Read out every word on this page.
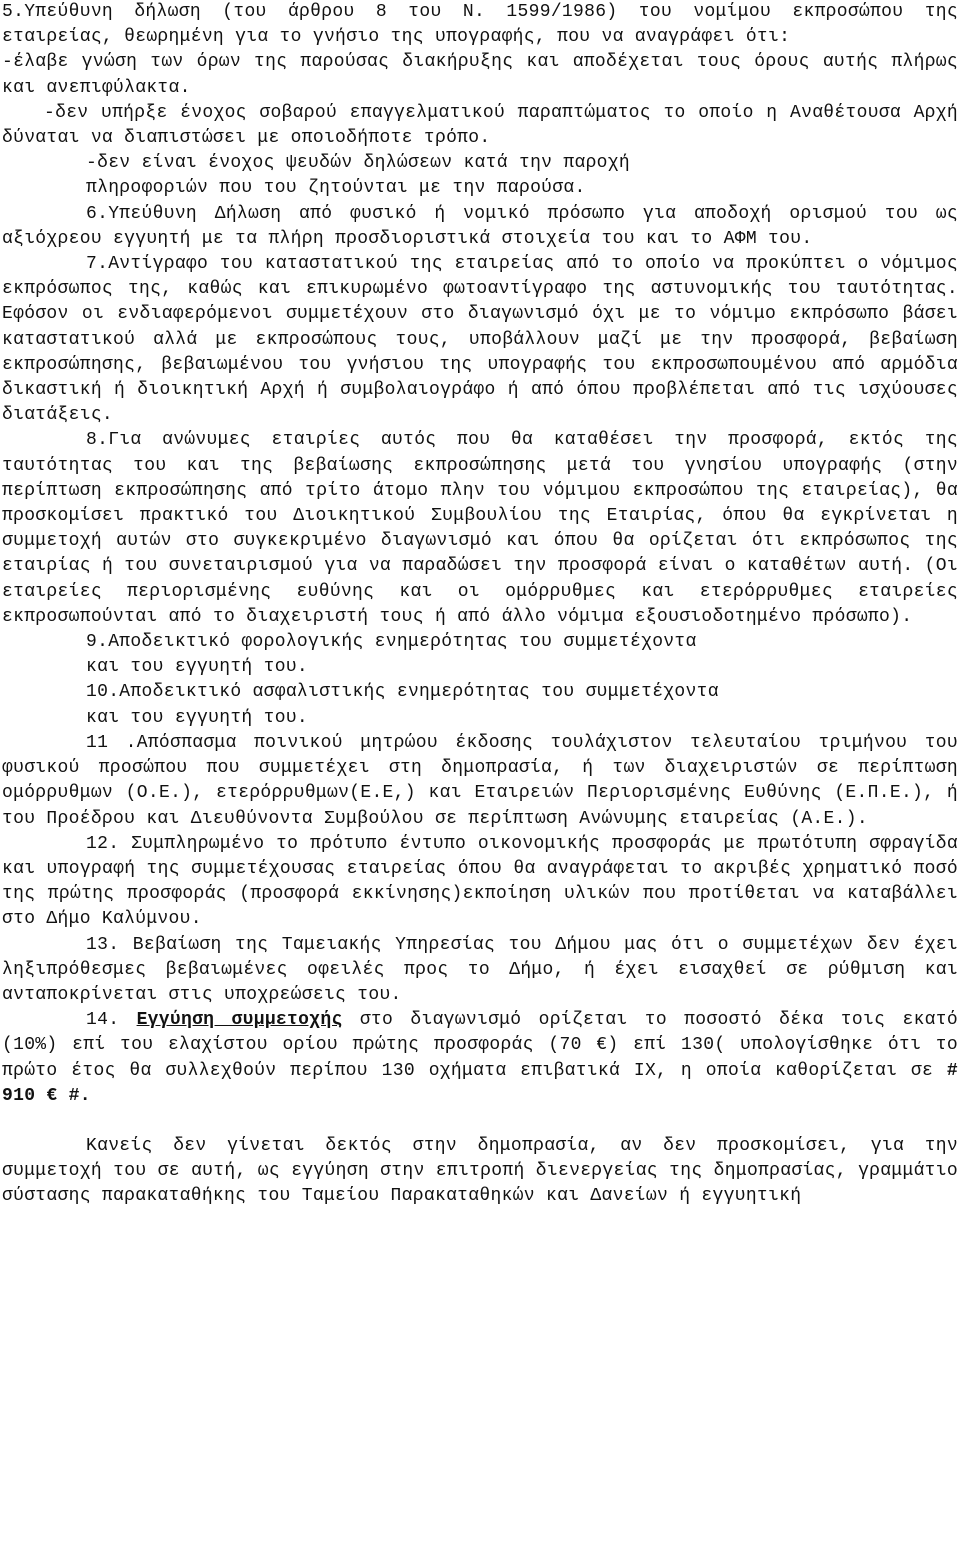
5.Υπεύθυνη δήλωση (του άρθρου 8 του Ν. 1599/1986) του νομίμου εκπροσώπου της εταιρείας, θεωρημένη για το γνήσιο της υπογραφής, που να αναγράφει ότι:

-έλαβε γνώση των όρων της παρούσας διακήρυξης και αποδέχεται τους όρους αυτής πλήρως και ανεπιφύλακτα.

-δεν υπήρξε ένοχος σοβαρού επαγγελματικού παραπτώματος το οποίο η Αναθέτουσα Αρχή δύναται να διαπιστώσει με οποιοδήποτε τρόπο.

-δεν είναι ένοχος ψευδών δηλώσεων κατά την παροχή

πληροφοριών που του ζητούνται με την παρούσα.

6.Υπεύθυνη Δήλωση από φυσικό ή νομικό πρόσωπο για αποδοχή ορισμού του ως αξιόχρεου εγγυητή με τα πλήρη προσδιοριστικά στοιχεία του και το ΑΦΜ του.

7.Αντίγραφο του καταστατικού της εταιρείας από το οποίο να προκύπτει ο νόμιμος εκπρόσωπος της, καθώς και επικυρωμένο φωτοαντίγραφο της αστυνομικής του ταυτότητας. Εφόσον οι ενδιαφερόμενοι συμμετέχουν στο διαγωνισμό όχι με το νόμιμο εκπρόσωπο βάσει καταστατικού αλλά με εκπροσώπους τους, υποβάλλουν μαζί με την προσφορά, βεβαίωση εκπροσώπησης, βεβαιωμένου του γνήσιου της υπογραφής του εκπροσωπουμένου από αρμόδια δικαστική ή διοικητική Αρχή ή συμβολαιογράφο ή από όπου προβλέπεται από τις ισχύουσες διατάξεις.

8.Για ανώνυμες εταιρίες αυτός που θα καταθέσει την προσφορά, εκτός της ταυτότητας του και της βεβαίωσης εκπροσώπησης μετά του γνησίου υπογραφής (στην περίπτωση εκπροσώπησης από τρίτο άτομο πλην του νόμιμου εκπροσώπου της εταιρείας), θα προσκομίσει πρακτικό του Διοικητικού Συμβουλίου της Εταιρίας, όπου θα εγκρίνεται η συμμετοχή αυτών στο συγκεκριμένο διαγωνισμό και όπου θα ορίζεται ότι εκπρόσωπος της εταιρίας ή του συνεταιρισμού για να παραδώσει την προσφορά είναι ο καταθέτων αυτή. (Οι εταιρείες περιορισμένης ευθύνης και οι ομόρρυθμες και ετερόρρυθμες εταιρείες εκπροσωπούνται από το διαχειριστή τους ή από άλλο νόμιμα εξουσιοδοτημένο πρόσωπο).

9.Αποδεικτικό φορολογικής ενημερότητας του συμμετέχοντα

και του εγγυητή του.

10.Αποδεικτικό ασφαλιστικής ενημερότητας του συμμετέχοντα

και του εγγυητή του.

11 .Απόσπασμα ποινικού μητρώου έκδοσης τουλάχιστον τελευταίου τριμήνου του φυσικού προσώπου που συμμετέχει στη δημοπρασία, ή των διαχειριστών σε περίπτωση ομόρρυθμων (Ο.Ε.), ετερόρρυθμων(Ε.Ε,) και Εταιρειών Περιορισμένης Ευθύνης (Ε.Π.Ε.), ή του Προέδρου και Διευθύνοντα Συμβούλου σε περίπτωση Ανώνυμης εταιρείας (Α.Ε.).

12. Συμπληρωμένο το πρότυπο έντυπο οικονομικής προσφοράς με πρωτότυπη σφραγίδα και υπογραφή της συμμετέχουσας εταιρείας όπου θα αναγράφεται το ακριβές χρηματικό ποσό της πρώτης προσφοράς (προσφορά εκκίνησης)εκποίηση υλικών που προτίθεται να καταβάλλει στο Δήμο Καλύμνου.

13. Βεβαίωση της Ταμειακής Υπηρεσίας του Δήμου μας ότι ο συμμετέχων δεν έχει ληξιπρόθεσμες βεβαιωμένες οφειλές προς το Δήμο, ή έχει εισαχθεί σε ρύθμιση και ανταποκρίνεται στις υποχρεώσεις του.

14. Εγγύηση συμμετοχής στο διαγωνισμό ορίζεται το ποσοστό δέκα τοις εκατό (10%) επί του ελαχίστου ορίου πρώτης προσφοράς (70 €) επί 130( υπολογίσθηκε ότι το πρώτο έτος θα συλλεχθούν περίπου 130 οχήματα επιβατικά ΙΧ, η οποία καθορίζεται σε # 910 € #.

Κανείς δεν γίνεται δεκτός στην δημοπρασία, αν δεν προσκομίσει, για την συμμετοχή του σε αυτή, ως εγγύηση στην επιτροπή διενεργείας της δημοπρασίας, γραμμάτιο σύστασης παρακαταθήκης του Ταμείου Παρακαταθηκών και Δανείων ή εγγυητική
